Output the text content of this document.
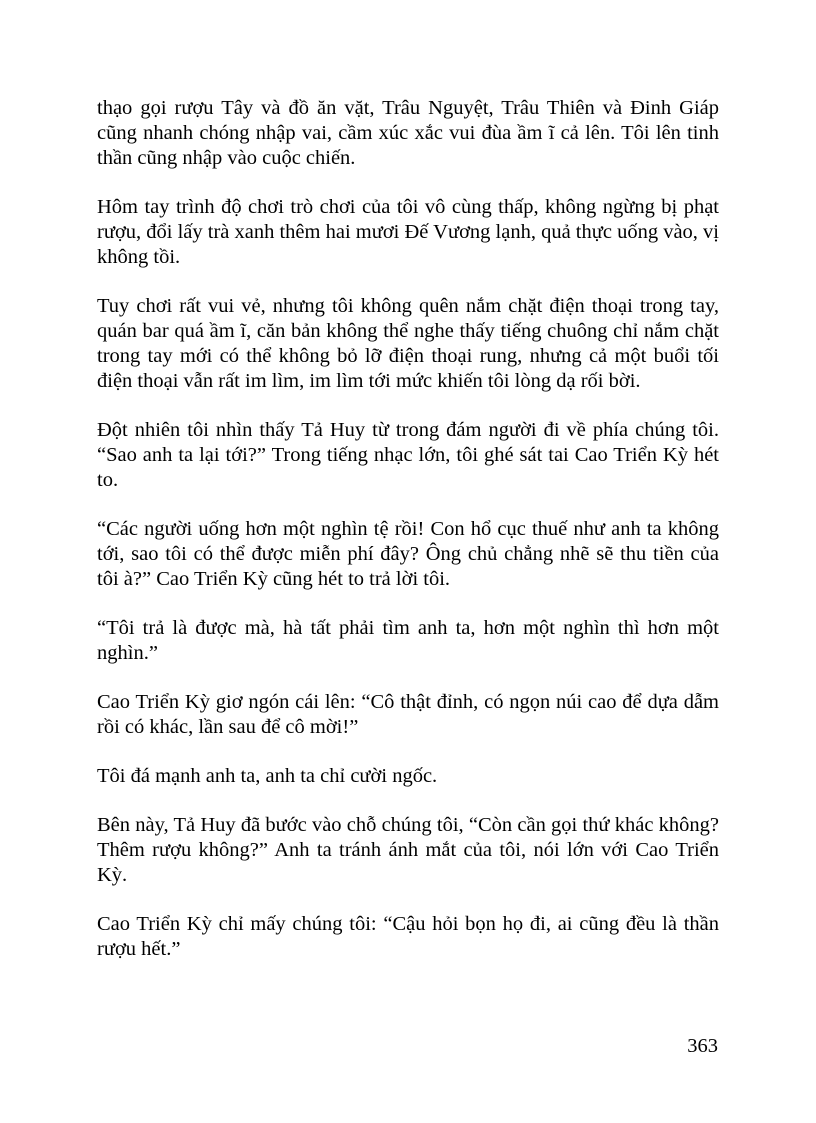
thạo gọi rượu Tây và đồ ăn vặt, Trâu Nguyệt, Trâu Thiên và Đinh Giáp cũng nhanh chóng nhập vai, cầm xúc xắc vui đùa ầm ĩ cả lên. Tôi lên tinh thần cũng nhập vào cuộc chiến.

Hôm tay trình độ chơi trò chơi của tôi vô cùng thấp, không ngừng bị phạt rượu, đổi lấy trà xanh thêm hai mươi Đế Vương lạnh, quả thực uống vào, vị không tồi.

Tuy chơi rất vui vẻ, nhưng tôi không quên nắm chặt điện thoại trong tay, quán bar quá ầm ĩ, căn bản không thể nghe thấy tiếng chuông chỉ nắm chặt trong tay mới có thể không bỏ lỡ điện thoại rung, nhưng cả một buổi tối điện thoại vẫn rất im lìm, im lìm tới mức khiến tôi lòng dạ rối bời.

Đột nhiên tôi nhìn thấy Tả Huy từ trong đám người đi về phía chúng tôi. “Sao anh ta lại tới?” Trong tiếng nhạc lớn, tôi ghé sát tai Cao Triển Kỳ hét to.

“Các người uống hơn một nghìn tệ rồi! Con hổ cục thuế như anh ta không tới, sao tôi có thể được miễn phí đây? Ông chủ chẳng nhẽ sẽ thu tiền của tôi à?” Cao Triển Kỳ cũng hét to trả lời tôi.

“Tôi trả là được mà, hà tất phải tìm anh ta, hơn một nghìn thì hơn một nghìn.”

Cao Triển Kỳ giơ ngón cái lên: “Cô thật đỉnh, có ngọn núi cao để dựa dẫm rồi có khác, lần sau để cô mời!”

Tôi đá mạnh anh ta, anh ta chỉ cười ngốc.

Bên này, Tả Huy đã bước vào chỗ chúng tôi, “Còn cần gọi thứ khác không? Thêm rượu không?” Anh ta tránh ánh mắt của tôi, nói lớn với Cao Triển Kỳ.

Cao Triển Kỳ chỉ mấy chúng tôi: “Cậu hỏi bọn họ đi, ai cũng đều là thần rượu hết.”

363
